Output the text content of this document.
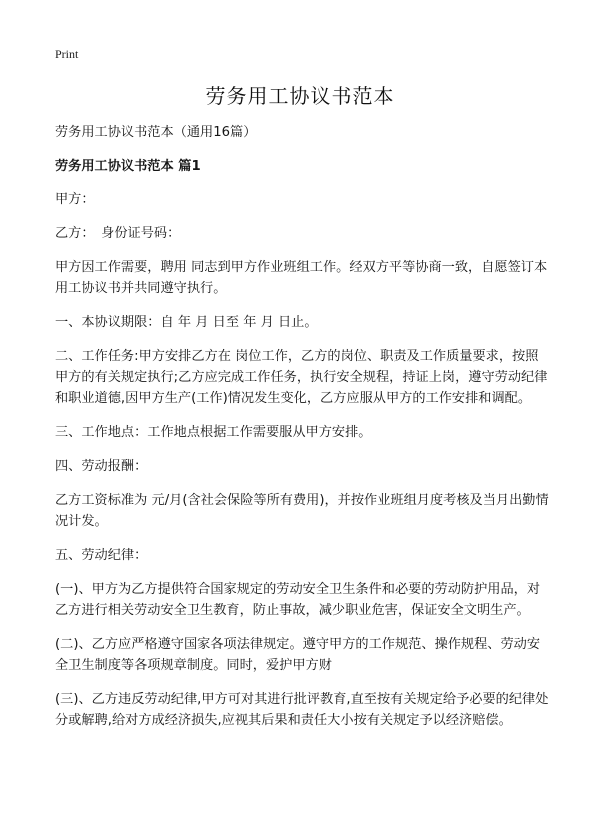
Print
劳务用工协议书范本

劳务用工协议书范本（通用16篇）

劳务用工协议书范本 篇1

甲方：

乙方：　身份证号码：

甲方因工作需要，聘用 同志到甲方作业班组工作。经双方平等协商一致，自愿签订本用工协议书并共同遵守执行。

一、本协议期限：自 年 月 日至 年 月 日止。

二、工作任务:甲方安排乙方在 岗位工作，乙方的岗位、职责及工作质量要求，按照甲方的有关规定执行;乙方应完成工作任务，执行安全规程，持证上岗，遵守劳动纪律和职业道德,因甲方生产(工作)情况发生变化，乙方应服从甲方的工作安排和调配。

三、工作地点：工作地点根据工作需要服从甲方安排。

四、劳动报酬：

乙方工资标准为 元/月(含社会保险等所有费用)，并按作业班组月度考核及当月出勤情况计发。

五、劳动纪律：

(一)、甲方为乙方提供符合国家规定的劳动安全卫生条件和必要的劳动防护用品，对乙方进行相关劳动安全卫生教育，防止事故，减少职业危害，保证安全文明生产。

(二)、乙方应严格遵守国家各项法律规定。遵守甲方的工作规范、操作规程、劳动安全卫生制度等各项规章制度。同时，爱护甲方财

(三)、乙方违反劳动纪律,甲方可对其进行批评教育,直至按有关规定给予必要的纪律处分或解聘,给对方成经济损失,应视其后果和责任大小按有关规定予以经济赔偿。
